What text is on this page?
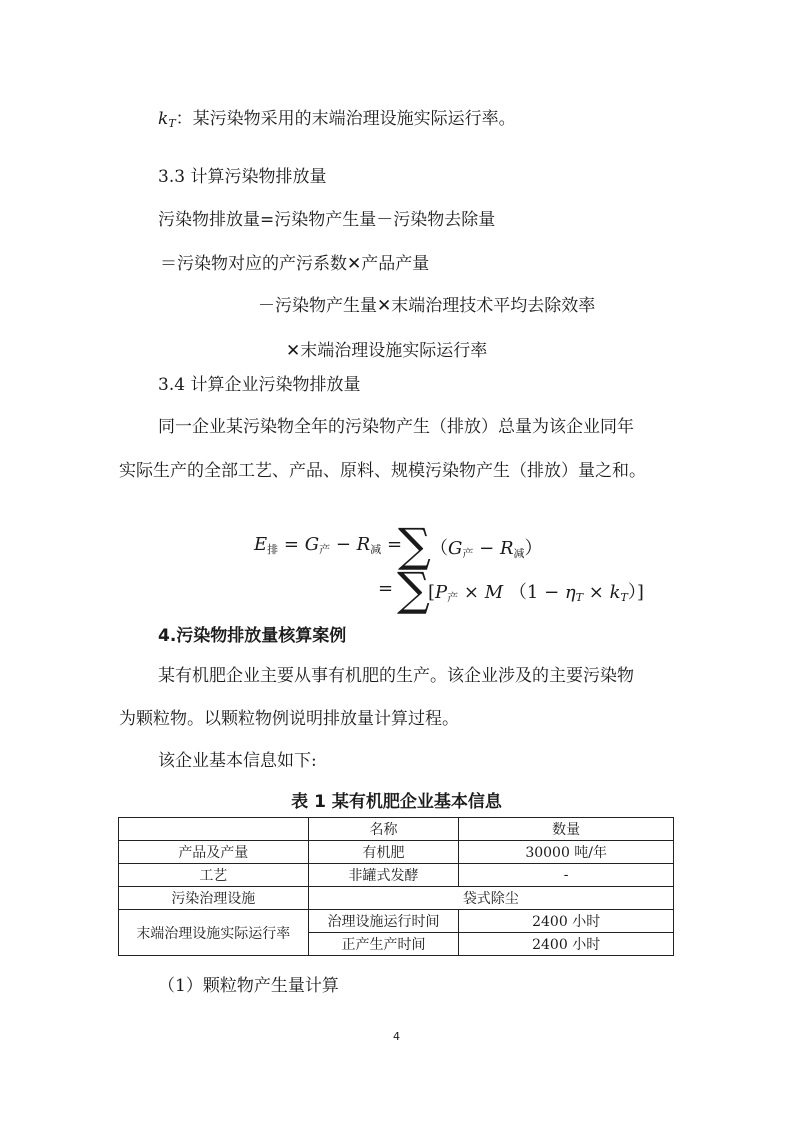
$k_T$：某污染物采用的末端治理设施实际运行率。
3.3 计算污染物排放量
污染物排放量=污染物产生量－污染物去除量
＝污染物对应的产污系数✕产品产量
－污染物产生量✕末端治理技术平均去除效率
✕末端治理设施实际运行率
3.4 计算企业污染物排放量
同一企业某污染物全年的污染物产生（排放）总量为该企业同年
实际生产的全部工艺、产品、原料、规模污染物产生（排放）量之和。
$E_排 = G_产 - R_减$ =
∑ $(G_产 - R_减)$
= ∑
[$P_产 \times M$ $(1 - \eta_T \times k_T)$]
4.污染物排放量核算案例
某有机肥企业主要从事有机肥的生产。该企业涉及的主要污染物
为颗粒物。以颗粒物例说明排放量计算过程。
该企业基本信息如下:
表 1 某有机肥企业基本信息
	名称	数量
产品及产量	有机肥	30000 吨/年
工艺	非罐式发酵	-
污染治理设施	袋式除尘	
末端治理设施实际运行率	治理设施运行时间	2400 小时
	正产生产时间	2400 小时
（1）颗粒物产生量计算
4
